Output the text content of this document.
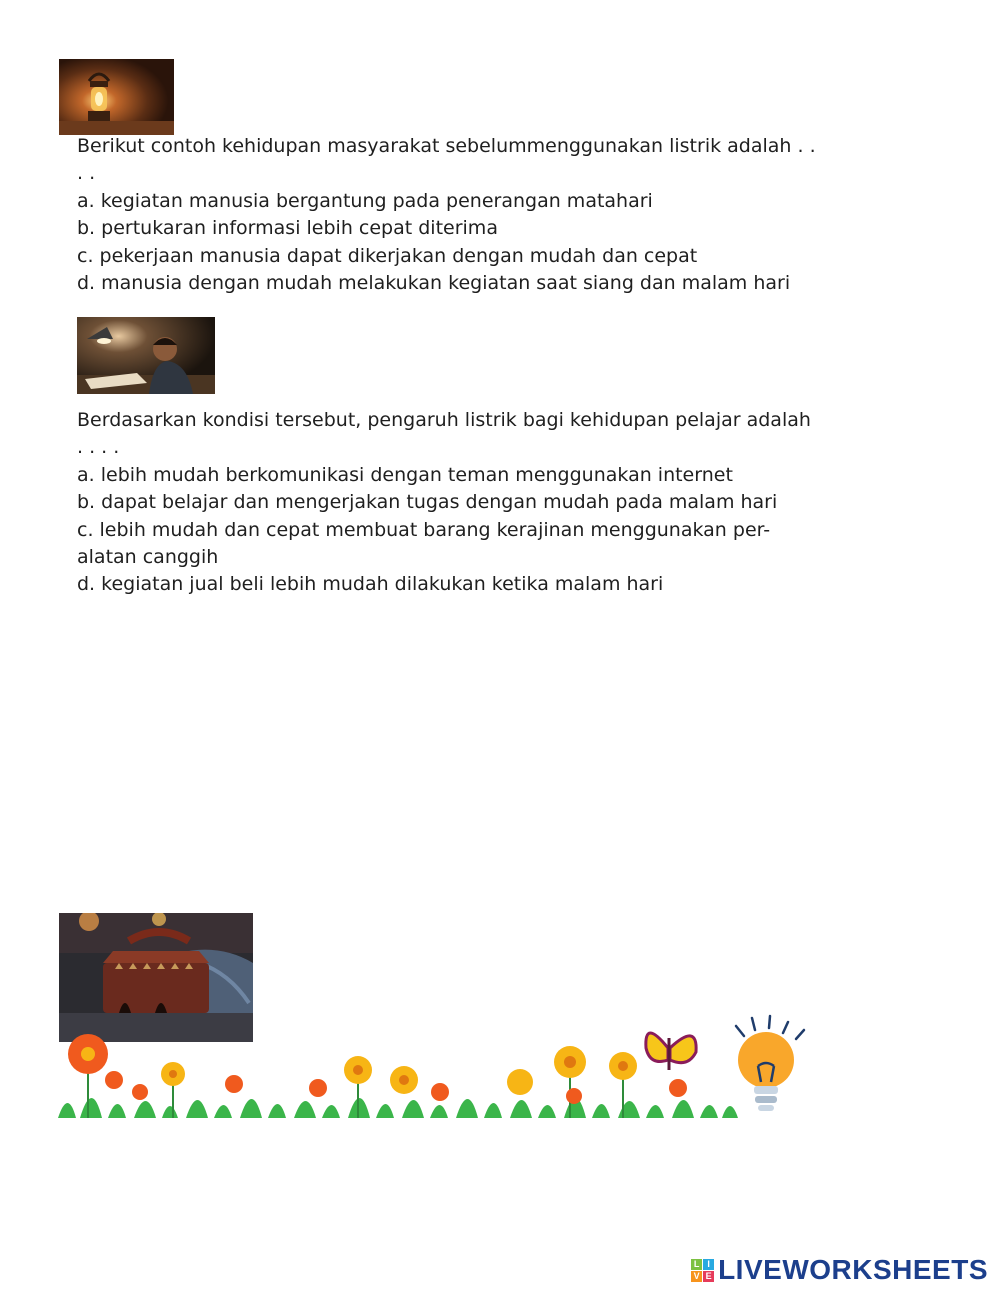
Berikut contoh kehidupan masyarakat sebelummenggunakan listrik adalah . . . .
a. kegiatan manusia bergantung pada penerangan matahari
b. pertukaran informasi lebih cepat diterima
c. pekerjaan manusia dapat dikerjakan dengan mudah dan cepat
d. manusia dengan mudah melakukan kegiatan saat siang dan malam hari
Berdasarkan kondisi tersebut, pengaruh listrik bagi kehidupan pelajar adalah . . . .
a. lebih mudah berkomunikasi dengan teman menggunakan internet
b. dapat belajar dan mengerjakan tugas dengan mudah pada malam hari
c. lebih mudah dan cepat membuat barang kerajinan menggunakan per- alatan canggih
d. kegiatan jual beli lebih mudah dilakukan ketika malam hari
L I
V E LIVEWORKSHEETS
